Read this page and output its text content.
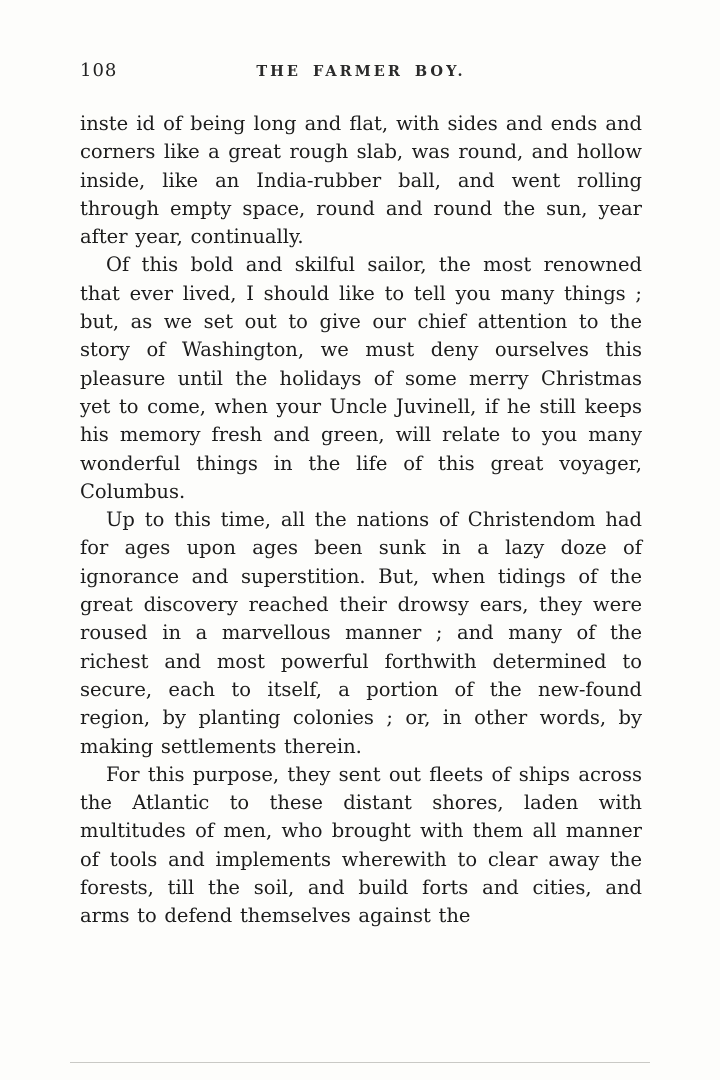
108	THE FARMER BOY.

inste id of being long and flat, with sides and ends and corners like a great rough slab, was round, and hollow inside, like an India-rubber ball, and went rolling through empty space, round and round the sun, year after year, continually.

Of this bold and skilful sailor, the most renowned that ever lived, I should like to tell you many things ; but, as we set out to give our chief attention to the story of Washington, we must deny ourselves this pleasure until the holidays of some merry Christmas yet to come, when your Uncle Juvinell, if he still keeps his memory fresh and green, will relate to you many wonderful things in the life of this great voyager, Columbus.

Up to this time, all the nations of Christendom had for ages upon ages been sunk in a lazy doze of ignorance and superstition. But, when tidings of the great discovery reached their drowsy ears, they were roused in a marvellous manner ; and many of the richest and most powerful forthwith determined to secure, each to itself, a portion of the new-found region, by planting colonies ; or, in other words, by making settlements therein.

For this purpose, they sent out fleets of ships across the Atlantic to these distant shores, laden with multitudes of men, who brought with them all manner of tools and implements wherewith to clear away the forests, till the soil, and build forts and cities, and arms to defend themselves against the
